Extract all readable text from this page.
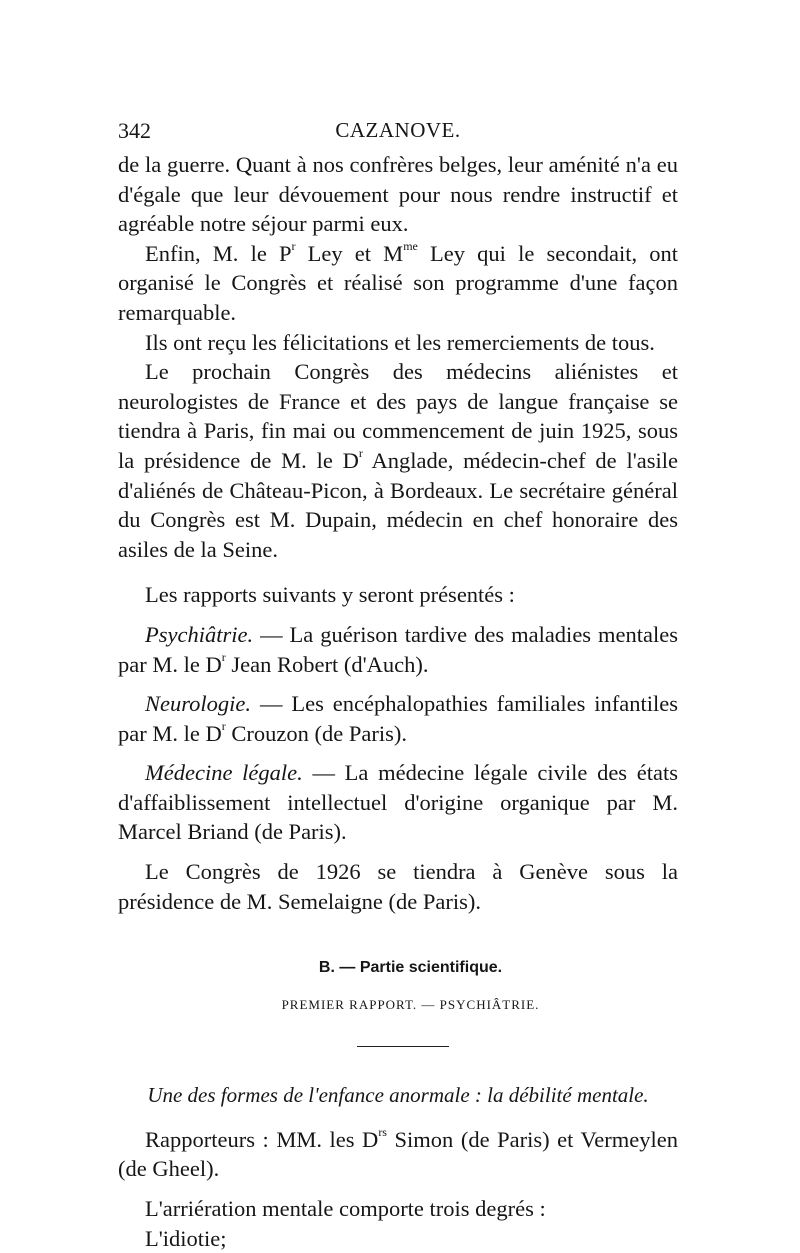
342	CAZANOVE.

de la guerre. Quant à nos confrères belges, leur aménité n'a eu d'égale que leur dévouement pour nous rendre instructif et agréable notre séjour parmi eux.

Enfin, M. le $P^r$ Ley et $M^{me}$ Ley qui le secondait, ont organisé le Congrès et réalisé son programme d'une façon remarquable.

Ils ont reçu les félicitations et les remerciements de tous.

Le prochain Congrès des médecins aliénistes et neurologistes de France et des pays de langue française se tiendra à Paris, fin mai ou commencement de juin 1925, sous la présidence de M. le $D^r$ Anglade, médecin-chef de l'asile d'aliénés de Château-Picon, à Bordeaux. Le secrétaire général du Congrès est M. Dupain, médecin en chef honoraire des asiles de la Seine.

Les rapports suivants y seront présentés :

Psychiâtrie. — La guérison tardive des maladies mentales par M. le $D^r$ Jean Robert (d'Auch).

Neurologie. — Les encéphalopathies familiales infantiles par M. le $D^r$ Crouzon (de Paris).

Médecine légale. — La médecine légale civile des états d'affaiblissement intellectuel d'origine organique par M. Marcel Briand (de Paris).

Le Congrès de 1926 se tiendra à Genève sous la présidence de M. Semelaigne (de Paris).

B. — Partie scientifique.

PREMIER RAPPORT. — PSYCHIÂTRIE.

Une des formes de l'enfance anormale : la débilité mentale.

Rapporteurs : MM. les $D^{rs}$ Simon (de Paris) et Vermeylen (de Gheel).

L'arriération mentale comporte trois degrés :

L'idiotie;
